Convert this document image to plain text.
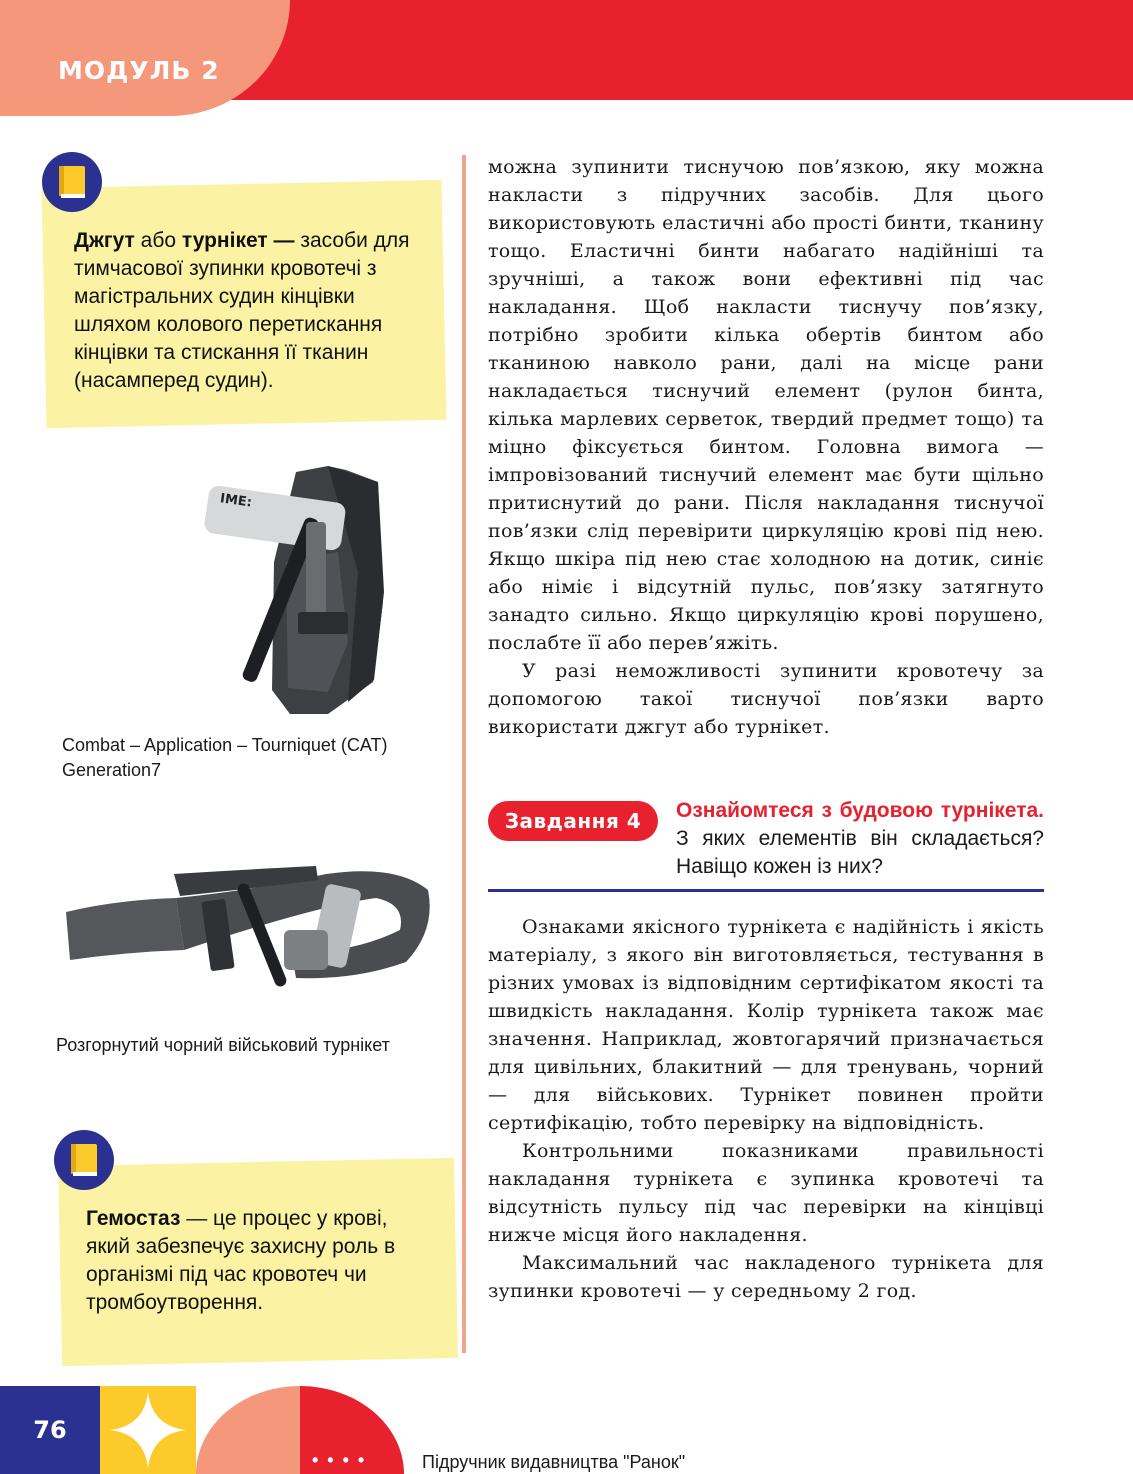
МОДУЛЬ 2
Джгут або турнікет — засоби для тимчасової зупинки кровотечі з магістральних судин кінцівки шляхом колового перетискання кінцівки та стискання її тканин (насамперед судин).
IME:
Combat – Application – Tourniquet (CAT) Generation7
Розгорнутий чорний військовий турнікет
Гемостаз — це процес у крові, який забезпечує захисну роль в організмі під час кровотеч чи тромбоутворення.

можна зупинити тиснучою пов’язкою, яку можна накласти з підручних засобів. Для цього використовують еластичні або прості бинти, тканину тощо. Еластичні бинти набагато надійніші та зручніші, а також вони ефективні під час накладання. Щоб накласти тиснучу пов’язку, потрібно зробити кілька обертів бинтом або тканиною навколо рани, далі на місце рани накладається тиснучий елемент (рулон бинта, кілька марлевих серветок, твердий предмет тощо) та міцно фіксується бинтом. Головна вимога — імпровізований тиснучий елемент має бути щільно притиснутий до рани. Після накладання тиснучої пов’язки слід перевірити циркуляцію крові під нею. Якщо шкіра під нею стає холодною на дотик, синіє або німіє і відсутній пульс, пов’язку затягнуто занадто сильно. Якщо циркуляцію крові порушено, послабте її або перев’яжіть.

У разі неможливості зупинити кровотечу за допомогою такої тиснучої пов’язки варто використати джгут або турнікет.

Завдання 4	Ознайомтеся з будовою турнікета. З яких елементів він складається? Навіщо кожен із них?

Ознаками якісного турнікета є надійність і якість матеріалу, з якого він виготовляється, тестування в різних умовах із відповідним сертифікатом якості та швидкість накладання. Колір турнікета також має значення. Наприклад, жовтогарячий призначається для цивільних, блакитний — для тренувань, чорний — для військових. Турнікет повинен пройти сертифікацію, тобто перевірку на відповідність.

Контрольними показниками правильності накладання турнікета є зупинка кровотечі та відсутність пульсу під час перевірки на кінцівці нижче місця його накладення.

Максимальний час накладеного турнікета для зупинки кровотечі — у середньому 2 год.

76
••••	Підручник видавництва "Ранок"
